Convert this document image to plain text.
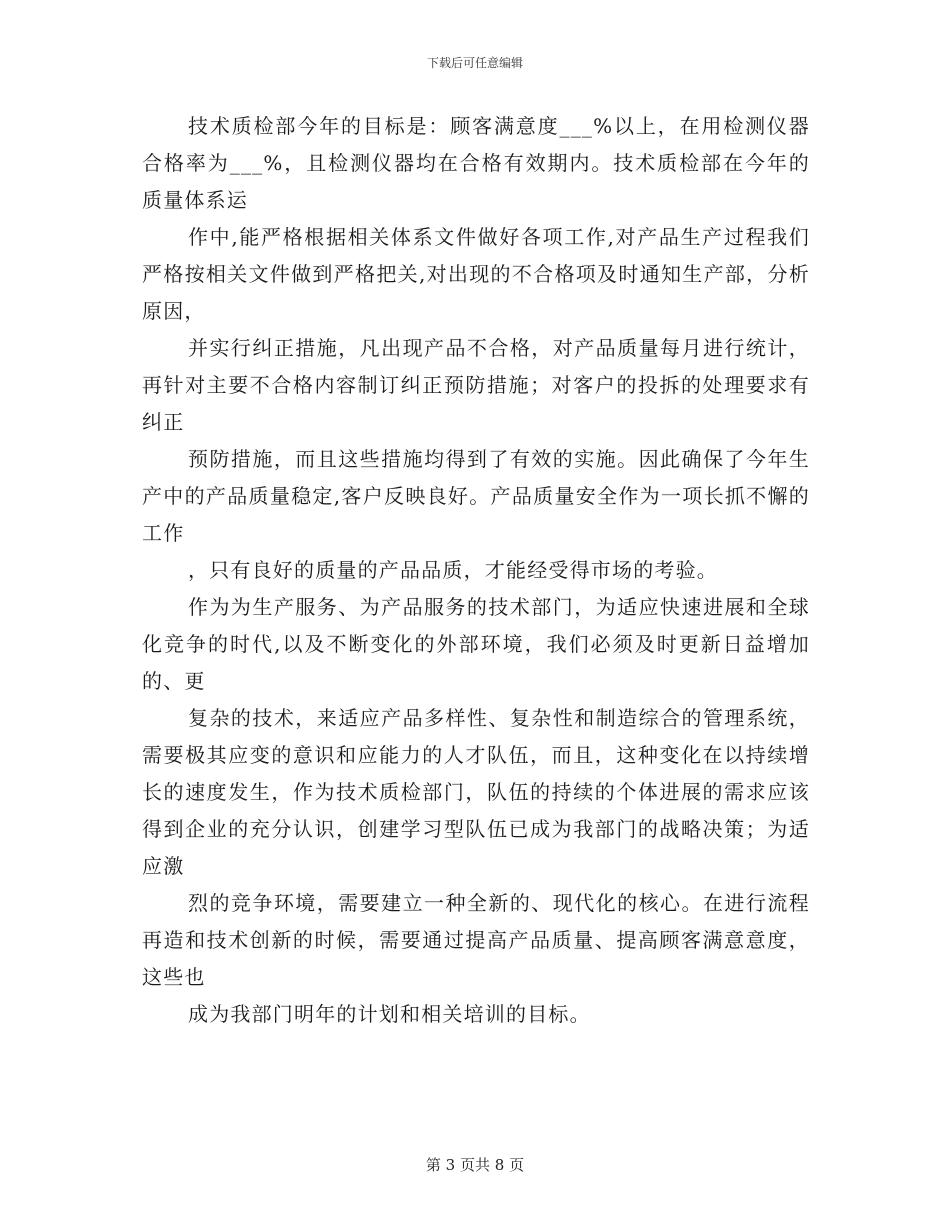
下载后可任意编辑

技术质检部今年的目标是：顾客满意度___%以上，在用检测仪器合格率为___%，且检测仪器均在合格有效期内。技术质检部在今年的质量体系运

作中,能严格根据相关体系文件做好各项工作,对产品生产过程我们严格按相关文件做到严格把关,对出现的不合格项及时通知生产部，分析原因，

并实行纠正措施，凡出现产品不合格，对产品质量每月进行统计，再针对主要不合格内容制订纠正预防措施；对客户的投拆的处理要求有纠正

预防措施，而且这些措施均得到了有效的实施。因此确保了今年生产中的产品质量稳定,客户反映良好。产品质量安全作为一项长抓不懈的工作

，只有良好的质量的产品品质，才能经受得市场的考验。

作为为生产服务、为产品服务的技术部门，为适应快速进展和全球化竞争的时代,以及不断变化的外部环境，我们必须及时更新日益增加的、更

复杂的技术，来适应产品多样性、复杂性和制造综合的管理系统，需要极其应变的意识和应能力的人才队伍，而且，这种变化在以持续增长的速度发生，作为技术质检部门，队伍的持续的个体进展的需求应该得到企业的充分认识，创建学习型队伍已成为我部门的战略决策；为适应激

烈的竞争环境，需要建立一种全新的、现代化的核心。在进行流程再造和技术创新的时候，需要通过提高产品质量、提高顾客满意意度，这些也

成为我部门明年的计划和相关培训的目标。

第 3 页共 8 页
